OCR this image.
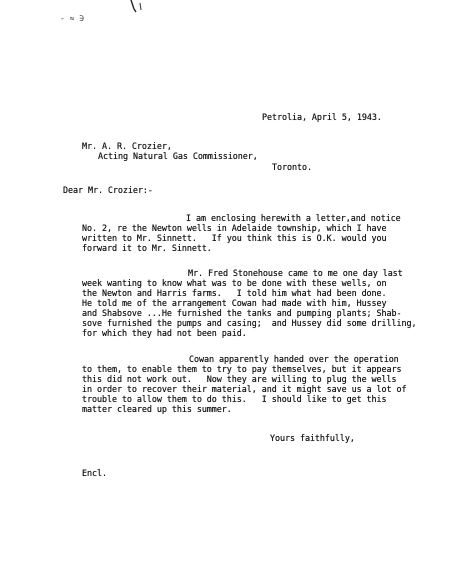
- ≈ ∋
Petrolia, April 5, 1943.
Mr. A. R. Crozier,
Acting Natural Gas Commissioner,
Toronto.
Dear Mr. Crozier:-
I am enclosing herewith a letter,and notice
No. 2, re the Newton wells in Adelaide township, which I have
written to Mr. Sinnett.   If you think this is O.K. would you
forward it to Mr. Sinnett.
Mr. Fred Stonehouse came to me one day last
week wanting to know what was to be done with these wells, on
the Newton and Harris farms.   I told him what had been done.
He told me of the arrangement Cowan had made with him, Hussey
and Shabsove ...He furnished the tanks and pumping plants; Shab-
sove furnished the pumps and casing;  and Hussey did some drilling,
for which they had not been paid.
Cowan apparently handed over the operation
to them, to enable them to try to pay themselves, but it appears
this did not work out.   Now they are willing to plug the wells
in order to recover their material, and it might save us a lot of
trouble to allow them to do this.   I should like to get this
matter cleared up this summer.
Yours faithfully,
Encl.
